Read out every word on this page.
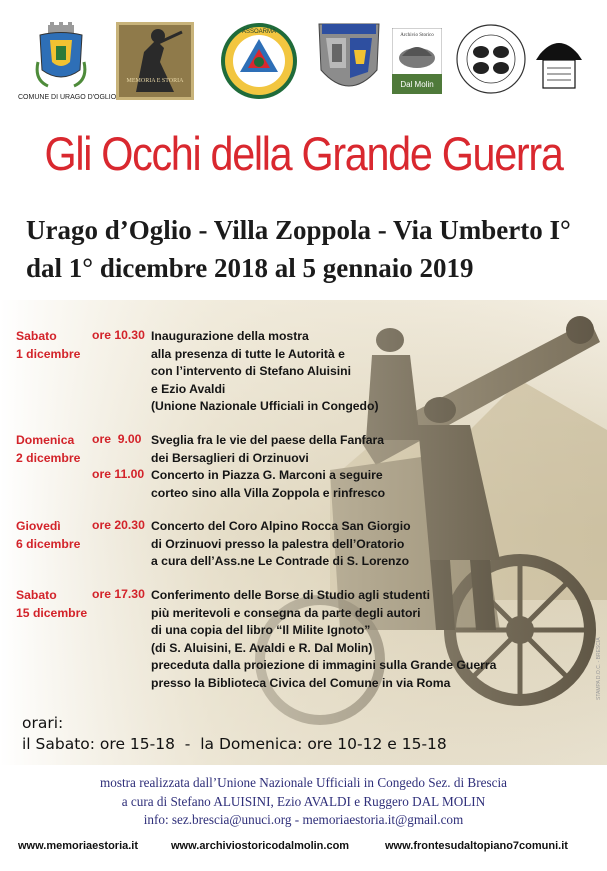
COMUNE DI URAGO D'OGLIO
MEMORIA E STORIA
ASSOARMA
Archivio Storico
Dal Molin
Gli Occhi della Grande Guerra
Urago d’Oglio - Villa Zoppola - Via Umberto I°
dal 1° dicembre 2018 al 5 gennaio 2019
Sabato
1 dicembre
ore 10.30 Inaugurazione della mostra
alla presenza di tutte le Autorità e
con l’intervento di Stefano Aluisini
e Ezio Avaldi
(Unione Nazionale Ufficiali in Congedo)
Domenica
2 dicembre
ore  9.00 Sveglia fra le vie del paese della Fanfara
dei Bersaglieri di Orzinuovi
ore 11.00 Concerto in Piazza G. Marconi a seguire
corteo sino alla Villa Zoppola e rinfresco
Giovedì
6 dicembre
ore 20.30 Concerto del Coro Alpino Rocca San Giorgio
di Orzinuovi presso la palestra dell’Oratorio
a cura dell’Ass.ne Le Contrade di S. Lorenzo
Sabato
15 dicembre
ore 17.30 Conferimento delle Borse di Studio agli studenti
più meritevoli e consegna da parte degli autori
di una copia del libro “Il Milite Ignoto”
(di S. Aluisini, E. Avaldi e R. Dal Molin)
preceduta dalla proiezione di immagini sulla Grande Guerra
presso la Biblioteca Civica del Comune in via Roma
orari:
il Sabato: ore 15-18  -  la Domenica: ore 10-12 e 15-18
mostra realizzata dall’Unione Nazionale Ufficiali in Congedo Sez. di Brescia
a cura di Stefano ALUISINI, Ezio AVALDI e Ruggero DAL MOLIN
info: sez.brescia@unuci.org - memoriaestoria.it@gmail.com
www.memoriaestoria.it	www.archiviostoricodalmolin.com	www.frontesudaltopiano7comuni.it
STAMPA D.O.C. - BRESCIA
